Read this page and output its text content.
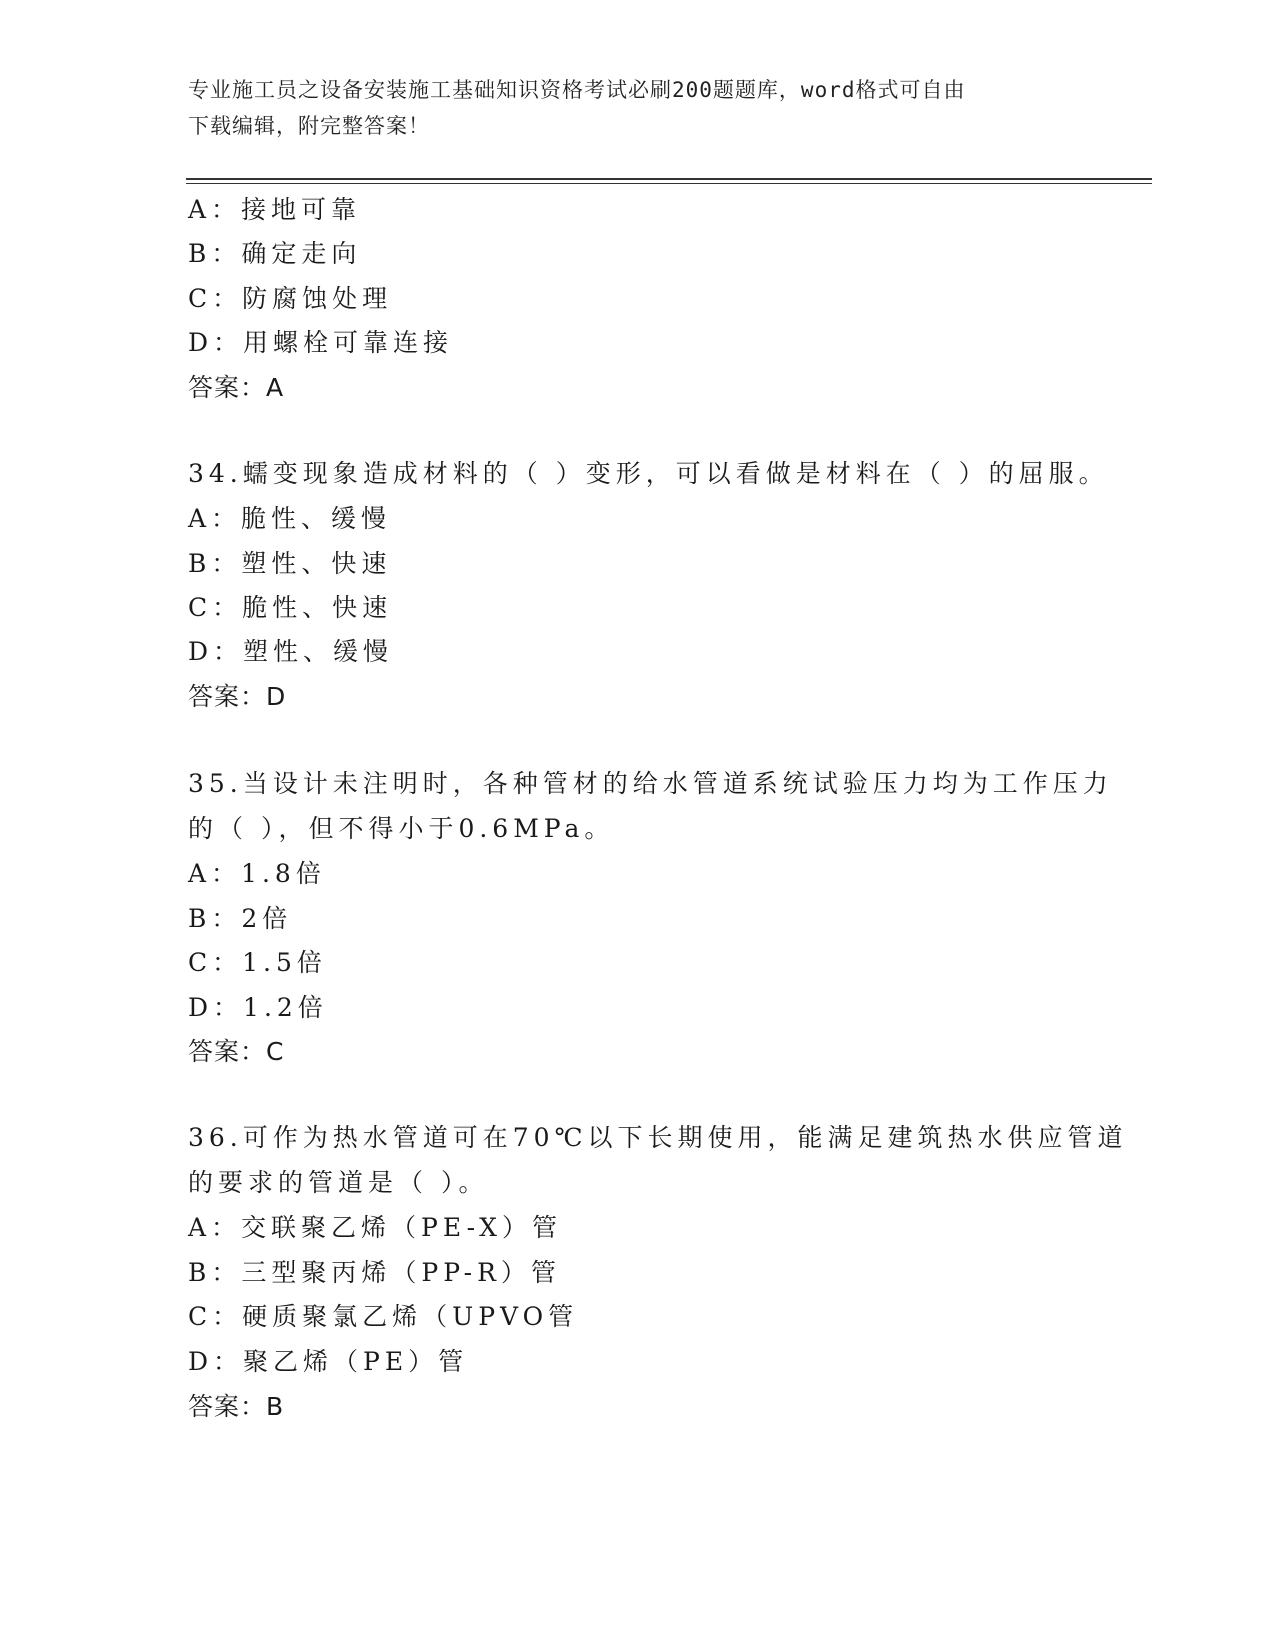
专业施工员之设备安装施工基础知识资格考试必刷200题题库，word格式可自由
下载编辑，附完整答案！
A：接地可靠
B：确定走向
C：防腐蚀处理
D：用螺栓可靠连接
答案：A
34.蠕变现象造成材料的（ ）变形，可以看做是材料在（ ）的屈服。
A：脆性、缓慢
B：塑性、快速
C：脆性、快速
D：塑性、缓慢
答案：D
35.当设计未注明时，各种管材的给水管道系统试验压力均为工作压力
的（ ），但不得小于0.6MPa。
A：1.8倍
B：2倍
C：1.5倍
D：1.2倍
答案：C
36.可作为热水管道可在70℃以下长期使用，能满足建筑热水供应管道
的要求的管道是（ ）。
A：交联聚乙烯（PE-X）管
B：三型聚丙烯（PP-R）管
C：硬质聚氯乙烯（UPVO管
D：聚乙烯（PE）管
答案：B
